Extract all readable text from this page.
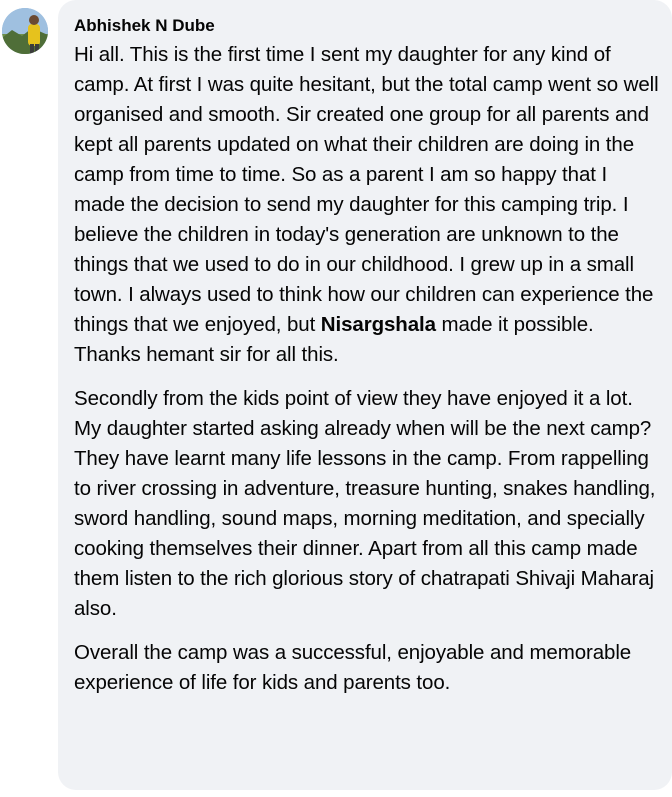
Abhishek N Dube

Hi all. This is the first time I sent my daughter for any kind of camp. At first I was quite hesitant, but the total camp went so well organised and smooth. Sir created one group for all parents and kept all parents updated on what their children are doing in the camp from time to time. So as a parent I am so happy that I made the decision to send my daughter for this camping trip. I believe the children in today's generation are unknown to the things that we used to do in our childhood. I grew up in a small town. I always used to think how our children can experience the things that we enjoyed, but Nisargshala made it possible. Thanks hemant sir for all this.

Secondly from the kids point of view they have enjoyed it a lot. My daughter started asking already when will be the next camp? They have learnt many life lessons in the camp. From rappelling to river crossing in adventure, treasure hunting, snakes handling, sword handling, sound maps, morning meditation, and specially cooking themselves their dinner. Apart from all this camp made them listen to the rich glorious story of chatrapati Shivaji Maharaj also.

Overall the camp was a successful, enjoyable and memorable experience of life for kids and parents too.
